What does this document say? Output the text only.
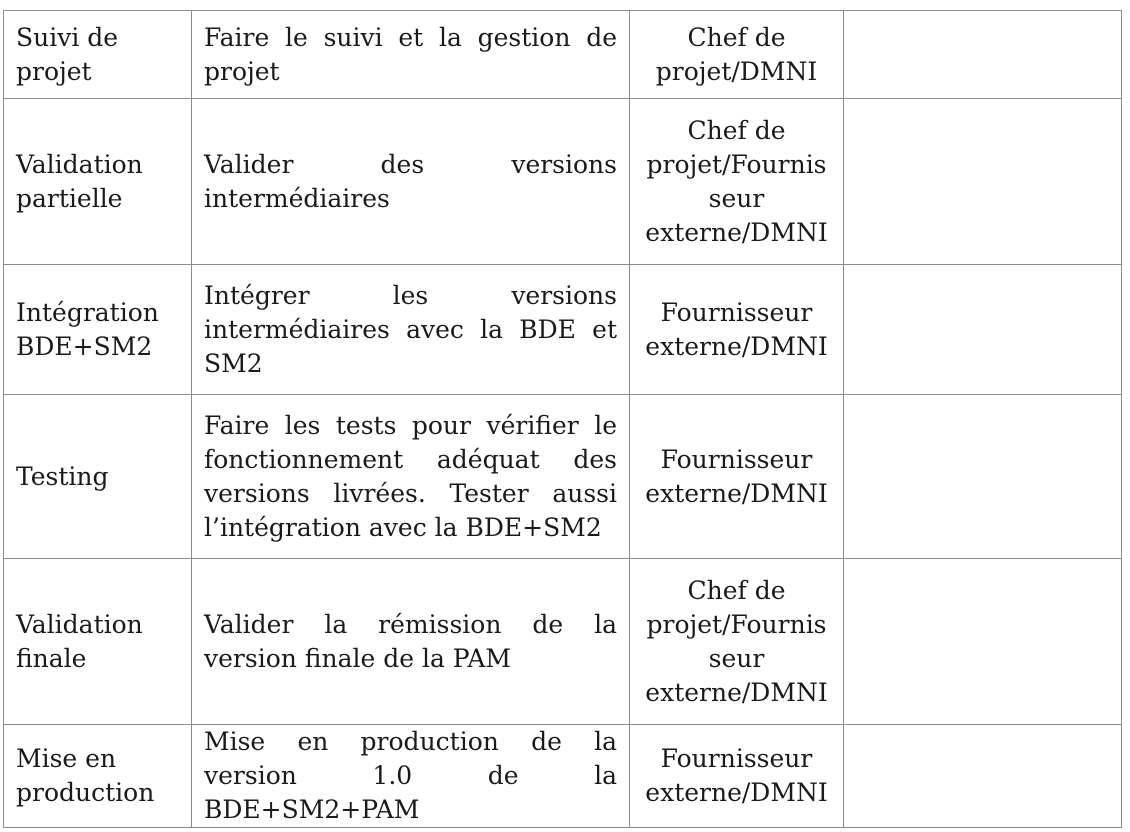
Suivi de
projet	Faire le suivi et la gestion de projet	Chef de
projet/DMNI	

Validation
partielle	Valider des versions intermédiaires	Chef de
projet/Fournis
seur
externe/DMNI	

Intégration
BDE+SM2	Intégrer les versions intermédiaires avec la BDE et SM2	Fournisseur
externe/DMNI	

Testing	Faire les tests pour vérifier le fonctionnement adéquat des versions livrées. Tester aussi l’intégration avec la BDE+SM2	Fournisseur
externe/DMNI	

Validation
finale	Valider la rémission de la version finale de la PAM	Chef de
projet/Fournis
seur
externe/DMNI	

Mise en
production	Mise en production de la version 1.0 de la BDE+SM2+PAM	Fournisseur
externe/DMNI	
